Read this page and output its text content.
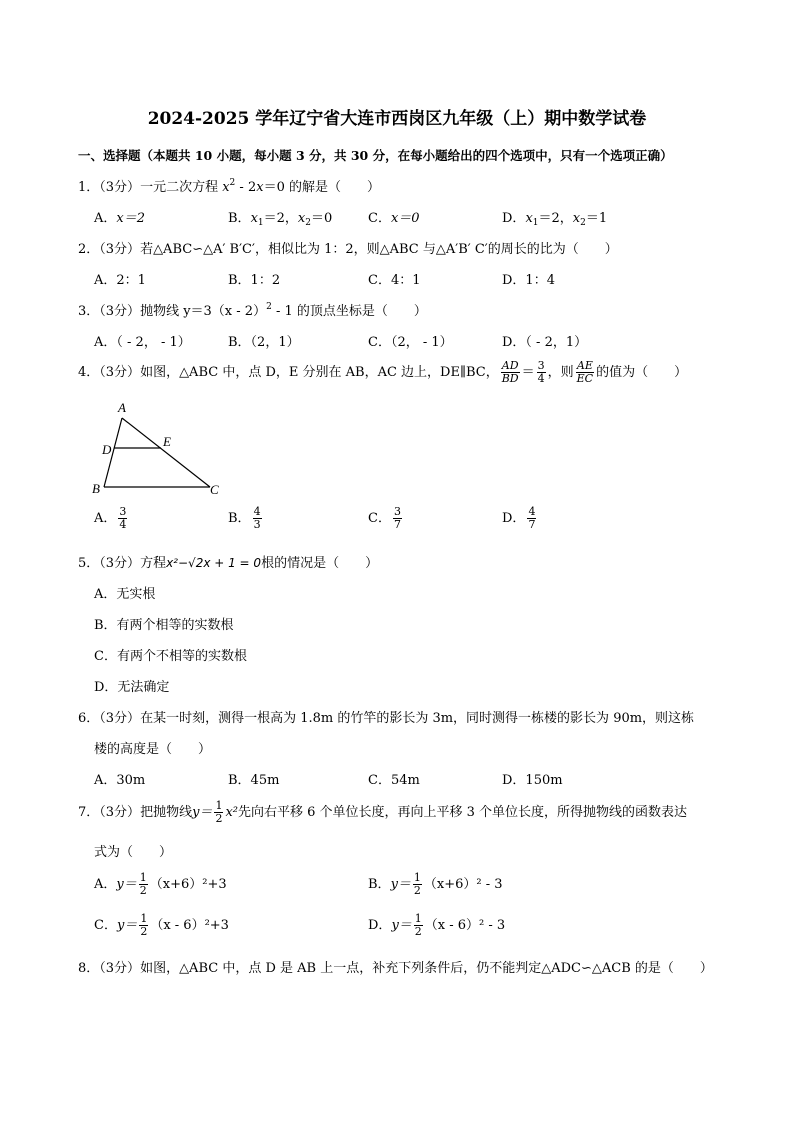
2024-2025 学年辽宁省大连市西岗区九年级（上）期中数学试卷
一、选择题（本题共 10 小题，每小题 3 分，共 30 分，在每小题给出的四个选项中，只有一个选项正确）
1．（3分）一元二次方程 $x^2 - 2x=0$ 的解是（　　）
A．x＝2	B．$x_1=2$，$x_2=0$	C．x＝0	D．$x_1=2$，$x_2=1$
2．（3分）若△ABC∽△A′ B′C′，相似比为 1：2，则△ABC 与△A′B′ C′的周长的比为（　　）
A．2：1	B．1：2	C．4：1	D．1：4
3．（3分）抛物线 y＝3（x - 2）$^2$ - 1 的顶点坐标是（　　）
A．（ - 2， - 1）	B．（2，1）	C．（2， - 1）	D．（ - 2，1）
4．（3分）如图，△ABC 中，点 D，E 分别在 AB，AC 边上，DE∥BC， $\frac{AD}{BD} = \frac{3}{4}$ ，则 $\frac{AE}{EC}$ 的值为（　　）
A
D
E
B	C
A． $\frac{3}{4}$	B． $\frac{4}{3}$	C． $\frac{3}{7}$	D． $\frac{4}{7}$
5．（3分）方程x²−√2x + 1 = 0根的情况是（　　）
A．无实根
B．有两个相等的实数根
C．有两个不相等的实数根
D．无法确定
6．（3分）在某一时刻，测得一根高为 1.8m 的竹竿的影长为 3m，同时测得一栋楼的影长为 90m，则这栋
楼的高度是（　　）
A．30m	B．45m	C．54m	D．150m
7．（3分）把抛物线$y= \frac{1}{2} x^2$先向右平移 6 个单位长度，再向上平移 3 个单位长度，所得抛物线的函数表达
式为（　　）
A．$y= \frac{1}{2} (x+6)^2+3$	B．$y= \frac{1}{2} (x+6)^2 - 3$
C．$y= \frac{1}{2} (x - 6)^2+3$	D．$y= \frac{1}{2} (x - 6)^2 - 3$
8．（3分）如图，△ABC 中，点 D 是 AB 上一点，补充下列条件后，仍不能判定△ADC∽△ACB 的是（　　）
